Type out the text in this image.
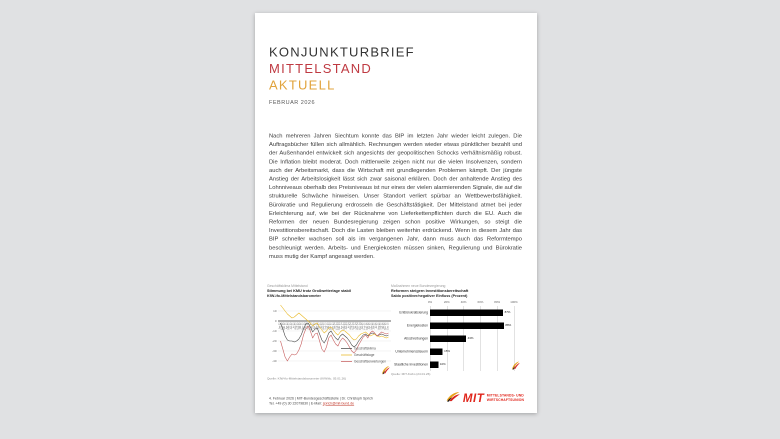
KONJUNKTURBRIEF
MITTELSTAND
AKTUELL
FEBRUAR 2026
Nach mehreren Jahren Siechtum konnte das BIP im letzten Jahr wieder leicht zulegen. Die Auftragsbücher füllen sich allmählich. Rechnungen werden wieder etwas pünktlicher bezahlt und der Außenhandel entwickelt sich angesichts der geopolitischen Schocks verhältnismäßig robust. Die Inflation bleibt moderat. Doch mittlerweile zeigen nicht nur die vielen Insolvenzen, sondern auch der Arbeitsmarkt, dass die Wirtschaft mit grundlegenden Problemen kämpft. Der jüngste Anstieg der Arbeitslosigkeit lässt sich zwar saisonal erklären. Doch der anhaltende Anstieg des Lohnniveaus oberhalb des Preisniveaus ist nur eines der vielen alarmierenden Signale, die auf die strukturelle Schwäche hinweisen. Unser Standort verliert spürbar an Wettbewerbsfähigkeit. Bürokratie und Regulierung erdrosseln die Geschäftstätigkeit. Der Mittelstand atmet bei jeder Erleichterung auf, wie bei der Rücknahme von Lieferkettenpflichten durch die EU. Auch die Reformen der neuen Bundesregierung zeigen schon positive Wirkungen, so steigt die Investitionsbereitschaft. Doch die Lasten bleiben weiterhin erdrückend. Wenn in diesem Jahr das BIP schneller wachsen soll als im vergangenen Jahr, dann muss auch das Reformtempo beschleunigt werden. Arbeits- und Energiekosten müssen sinken, Regulierung und Bürokratie muss mutig der Kampf angesagt werden.
Geschäftsklima Mittelstand
Stimmung bei KMU trotz Großwetterlage stabil
KfW-ifo-Mittelstandsbarometer
10
0
-10
-20
-30
-40
Jan 22 Feb 22 Mrz 22 Apr 22 Mai 22 Jun 22 Jul 22 Aug 22 Sep 22 Okt 22 Nov 22 Dez 22 Jan 23 Feb 23 Mrz 23 Apr 23 Mai 23 Jun 23 Jul 23 Aug 23 Sep 23 Okt 23 Nov 23 Dez 23 Jan 24 Feb 24 Mrz 24 Apr 24 Mai 24 Jun 24 Jul 24 Aug 24 Sep 24 Okt 24 Nov 24 Dez 24 Jan 25 Feb 25 Mrz 25 Apr 25 Mai 25 Jun 25 Jul 25 Aug 25 Sep 25 Okt 25 Nov 25 Dez 25
Geschäftsklima
Geschäftslage
Geschäftserwartungen
Quelle: KfW-ifo-Mittelstandsbarometer (KfW/ifo, 05.01.26)
Maßnahmen neue Bundesregierung
Reformen steigern Investitionsbereitschaft
Saldo positiver/negativer Einfluss (Prozent)
0% 20% 40% 60% 80% 100%
Entbürokratisierung	87%
Energiekosten	88%
Abschreibungen	43%
Unternehmenssteuern	15%
Staatliche Investitionen	10%
Quelle: MIT-KoKo (24.01.26)
4. Februar 2026 | MIT-Bundesgeschäftsstelle | Dr. Christoph Sprich
Tel. +49 (0) 30 22079830 | E-Mail: sprich@mit-bund.de	MIT MITTELSTANDS- UND
WIRTSCHAFTSUNION
